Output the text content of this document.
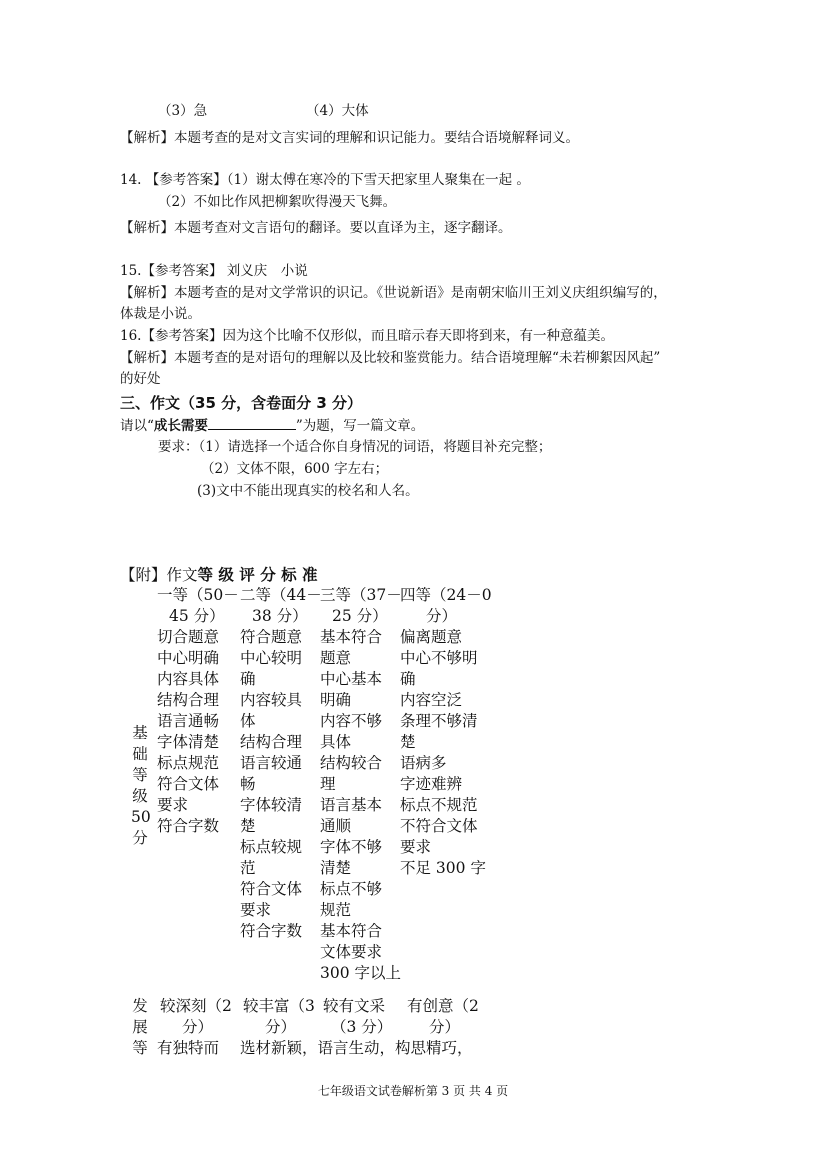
（3）急	（4）大体
【解析】本题考查的是对文言实词的理解和识记能力。要结合语境解释词义。
14. 【参考答案】（1）谢太傅在寒冷的下雪天把家里人聚集在一起 。
（2）不如比作风把柳絮吹得漫天飞舞。
【解析】本题考查对文言语句的翻译。要以直译为主，逐字翻译。
15.【参考答案】 刘义庆　小说
【解析】本题考查的是对文学常识的识记。《世说新语》是南朝宋临川王刘义庆组织编写的，
体裁是小说。
16.【参考答案】因为这个比喻不仅形似，而且暗示春天即将到来，有一种意蕴美。
【解析】本题考查的是对语句的理解以及比较和鉴赏能力。结合语境理解“未若柳絮因风起”
的好处
三、作文（35 分，含卷面分 3 分）
请以“成长需要	”为题，写一篇文章。
要求：（1）请选择一个适合你自身情况的词语，将题目补充完整；
（2）文体不限，600 字左右；
(3)文中不能出现真实的校名和人名。
【附】作文等 级 评 分 标 准
一等（50－
45 分）
二等（44－
38 分）
三等（37－
25 分）
四等（24－0
分）
基
础
等
级
50
分
切合题意
中心明确
内容具体
结构合理
语言通畅
字体清楚
标点规范
符合文体
要求
符合字数
符合题意
中心较明
确
内容较具
体
结构合理
语言较通
畅
字体较清
楚
标点较规
范
符合文体
要求
符合字数
基本符合
题意
中心基本
明确
内容不够
具体
结构较合
理
语言基本
通顺
字体不够
清楚
标点不够
规范
基本符合
文体要求
300 字以上
偏离题意
中心不够明
确
内容空泛
条理不够清
楚
语病多
字迹难辨
标点不规范
不符合文体
要求
不足 300 字
发
展
等
较深刻（2
分）
有独特而
较丰富（3
分）
选材新颖，语言生动，构思精巧，
较有文采
（3 分）
有创意（2
分）
七年级语文试卷解析第 3 页 共 4 页
